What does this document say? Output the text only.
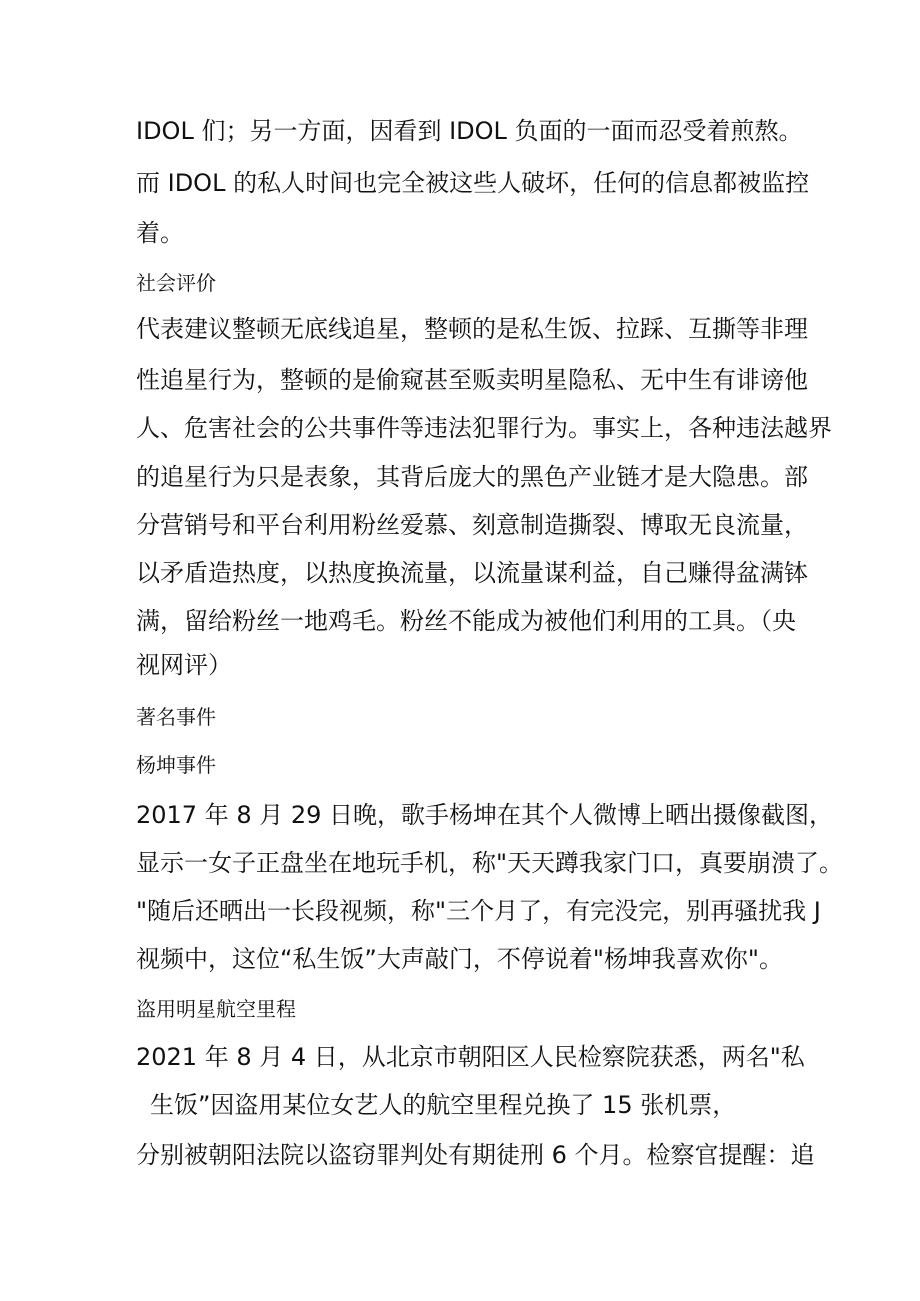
IDOL 们；另一方面，因看到 IDOL 负面的一面而忍受着煎熬。
而 IDOL 的私人时间也完全被这些人破坏，任何的信息都被监控
着。
社会评价
代表建议整顿无底线追星，整顿的是私生饭、拉踩、互撕等非理
性追星行为，整顿的是偷窥甚至贩卖明星隐私、无中生有诽谤他
人、危害社会的公共事件等违法犯罪行为。事实上，各种违法越界
的追星行为只是表象，其背后庞大的黑色产业链才是大隐患。部
分营销号和平台利用粉丝爱慕、刻意制造撕裂、博取无良流量，
以矛盾造热度，以热度换流量，以流量谋利益，自己赚得盆满钵
满，留给粉丝一地鸡毛。粉丝不能成为被他们利用的工具。（央
视网评）
著名事件
杨坤事件
2017 年 8 月 29 日晚，歌手杨坤在其个人微博上晒出摄像截图，
显示一女子正盘坐在地玩手机，称"天天蹲我家门口，真要崩溃了。
"随后还晒出一长段视频，称"三个月了，有完没完，别再骚扰我 J
视频中，这位“私生饭”大声敲门，不停说着"杨坤我喜欢你"。
盗用明星航空里程
2021 年 8 月 4 日，从北京市朝阳区人民检察院获悉，两名"私
生饭”因盗用某位女艺人的航空里程兑换了 15 张机票，
分别被朝阳法院以盗窃罪判处有期徒刑 6 个月。检察官提醒：追
